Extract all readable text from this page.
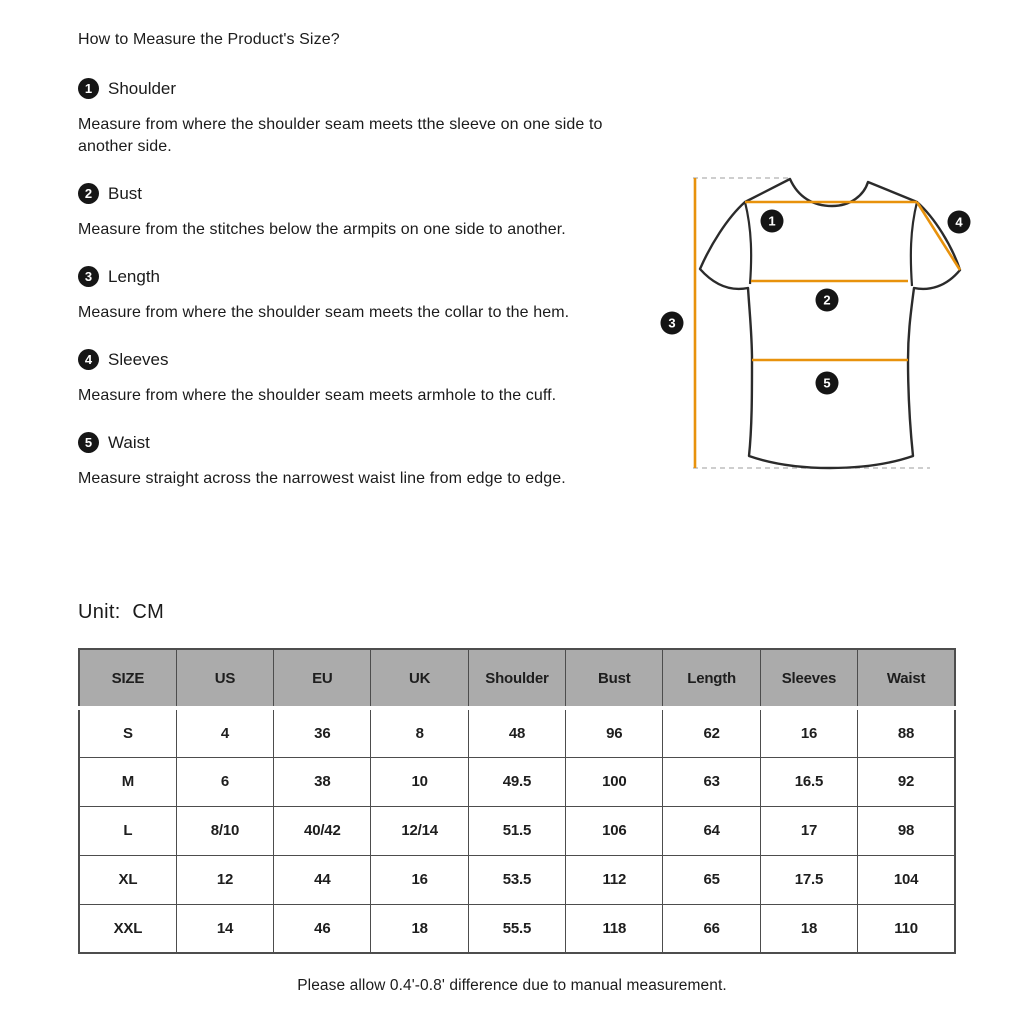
How to Measure the Product's Size?
1 Shoulder
Measure from where the shoulder seam meets tthe sleeve on one side to another side.
2 Bust
Measure from the stitches below the armpits on one side to another.
3 Length
Measure from where the shoulder seam meets the collar to the hem.
4 Sleeves
Measure from where the shoulder seam meets armhole to the cuff.
5 Waist
Measure straight across the narrowest waist line from edge to edge.
1
2
3
4
5
Unit:  CM
SIZE	US	EU	UK	Shoulder	Bust	Length	Sleeves	Waist
S	4	36	8	48	96	62	16	88
M	6	38	10	49.5	100	63	16.5	92
L	8/10	40/42	12/14	51.5	106	64	17	98
XL	12	44	16	53.5	112	65	17.5	104
XXL	14	46	18	55.5	118	66	18	110
Please allow 0.4'-0.8' difference due to manual measurement.
